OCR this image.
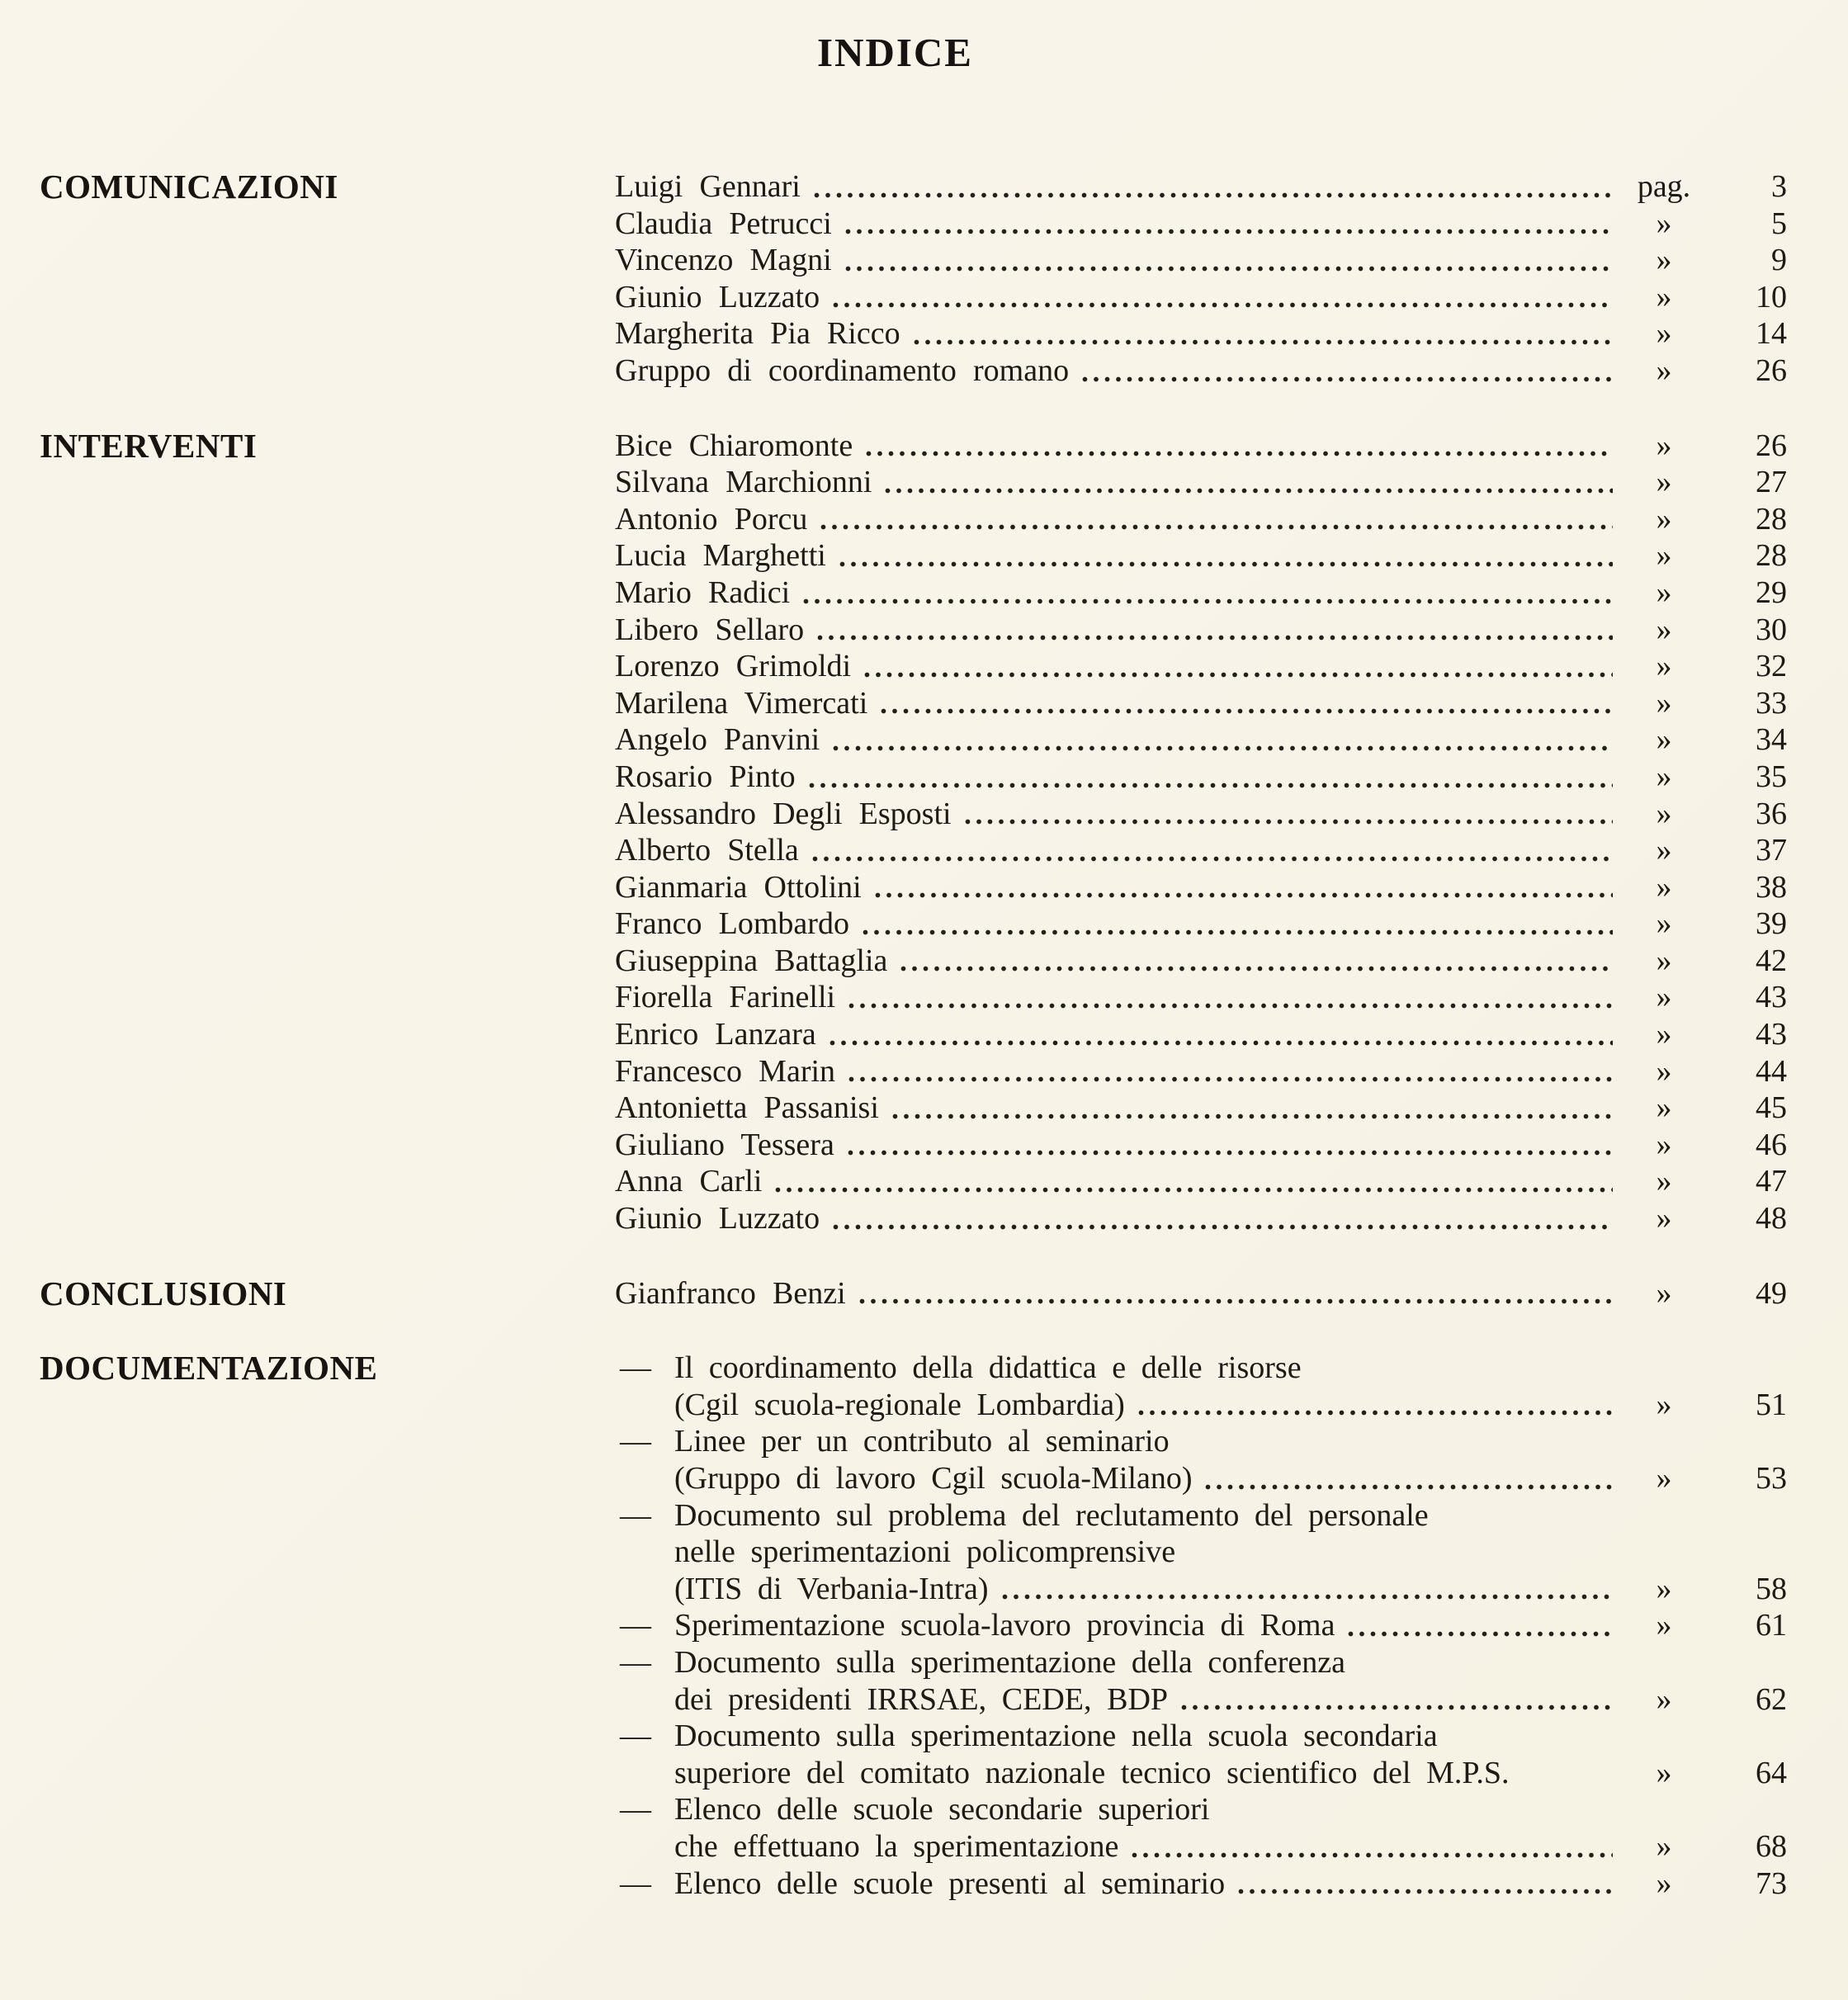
INDICE
COMUNICAZIONI	Luigi Gennari	pag.	3
Claudia Petrucci	»	5
Vincenzo Magni	»	9
Giunio Luzzato	»	10
Margherita Pia Ricco	»	14
Gruppo di coordinamento romano	»	26
INTERVENTI	Bice Chiaromonte	»	26
Silvana Marchionni	»	27
Antonio Porcu	»	28
Lucia Marghetti	»	28
Mario Radici	»	29
Libero Sellaro	»	30
Lorenzo Grimoldi	»	32
Marilena Vimercati	»	33
Angelo Panvini	»	34
Rosario Pinto	»	35
Alessandro Degli Esposti	»	36
Alberto Stella	»	37
Gianmaria Ottolini	»	38
Franco Lombardo	»	39
Giuseppina Battaglia	»	42
Fiorella Farinelli	»	43
Enrico Lanzara	»	43
Francesco Marin	»	44
Antonietta Passanisi	»	45
Giuliano Tessera	»	46
Anna Carli	»	47
Giunio Luzzato	»	48
CONCLUSIONI	Gianfranco Benzi	»	49
DOCUMENTAZIONE	— Il coordinamento della didattica e delle risorse
(Cgil scuola-regionale Lombardia)	»	51
— Linee per un contributo al seminario
(Gruppo di lavoro Cgil scuola-Milano)	»	53
— Documento sul problema del reclutamento del personale
nelle sperimentazioni policomprensive
(ITIS di Verbania-Intra)	»	58
— Sperimentazione scuola-lavoro provincia di Roma	»	61
— Documento sulla sperimentazione della conferenza
dei presidenti IRRSAE, CEDE, BDP	»	62
— Documento sulla sperimentazione nella scuola secondaria
superiore del comitato nazionale tecnico scientifico del M.P.S.	»	64
— Elenco delle scuole secondarie superiori
che effettuano la sperimentazione	»	68
— Elenco delle scuole presenti al seminario	»	73
